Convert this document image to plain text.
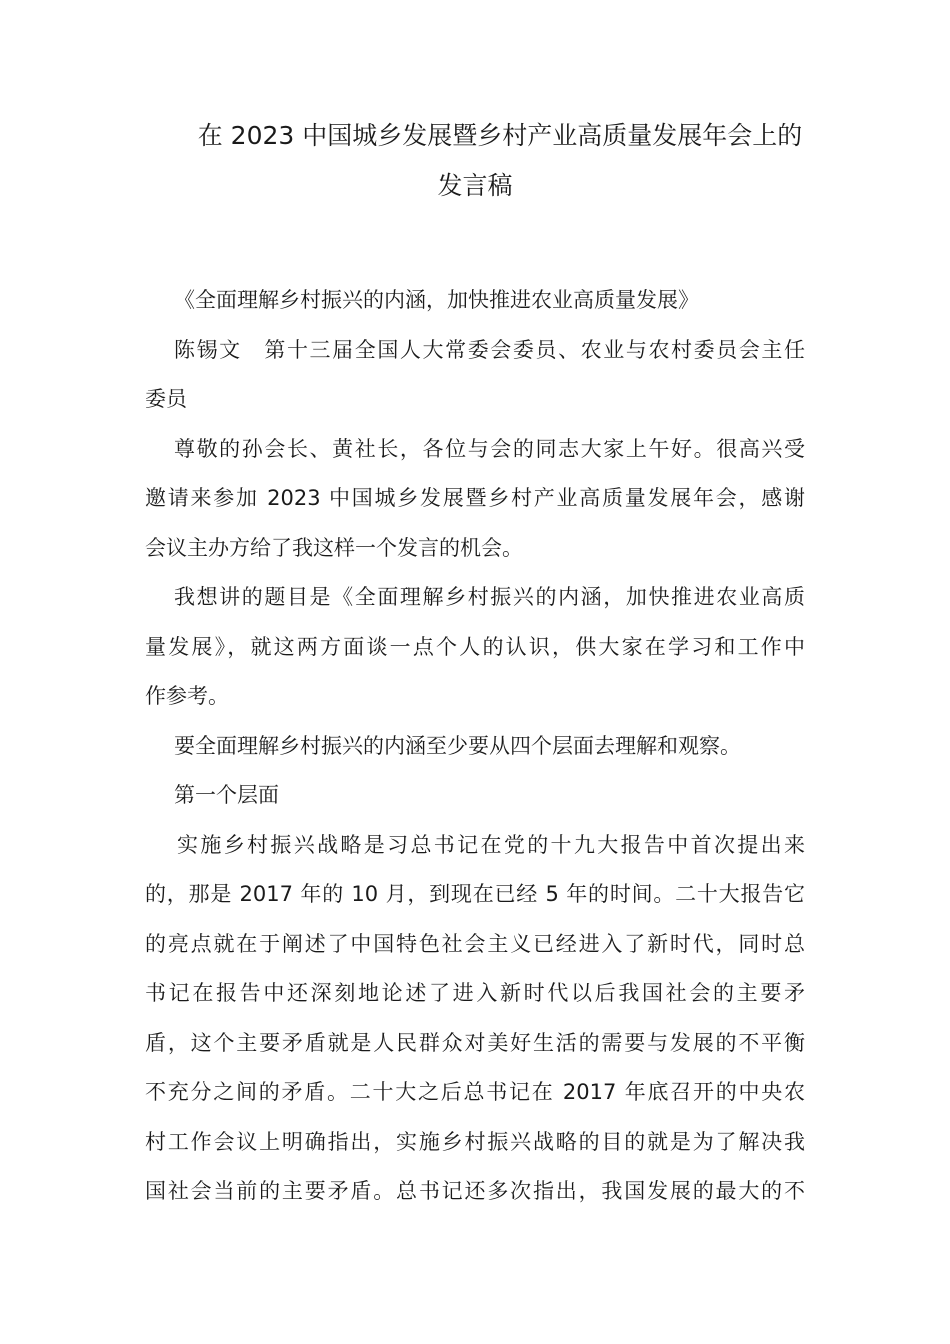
在 2023 中国城乡发展暨乡村产业高质量发展年会上的
发言稿
《全面理解乡村振兴的内涵，加快推进农业高质量发展》
陈锡文　第十三届全国人大常委会委员、农业与农村委员会主任
委员
尊敬的孙会长、黄社长，各位与会的同志大家上午好。很高兴受
邀请来参加 2023 中国城乡发展暨乡村产业高质量发展年会，感谢
会议主办方给了我这样一个发言的机会。
我想讲的题目是《全面理解乡村振兴的内涵，加快推进农业高质
量发展》，就这两方面谈一点个人的认识，供大家在学习和工作中
作参考。
要全面理解乡村振兴的内涵至少要从四个层面去理解和观察。
第一个层面
实施乡村振兴战略是习总书记在党的十九大报告中首次提出来
的，那是 2017 年的 10 月，到现在已经 5 年的时间。二十大报告它
的亮点就在于阐述了中国特色社会主义已经进入了新时代，同时总
书记在报告中还深刻地论述了进入新时代以后我国社会的主要矛
盾，这个主要矛盾就是人民群众对美好生活的需要与发展的不平衡
不充分之间的矛盾。二十大之后总书记在 2017 年底召开的中央农
村工作会议上明确指出，实施乡村振兴战略的目的就是为了解决我
国社会当前的主要矛盾。总书记还多次指出，我国发展的最大的不
